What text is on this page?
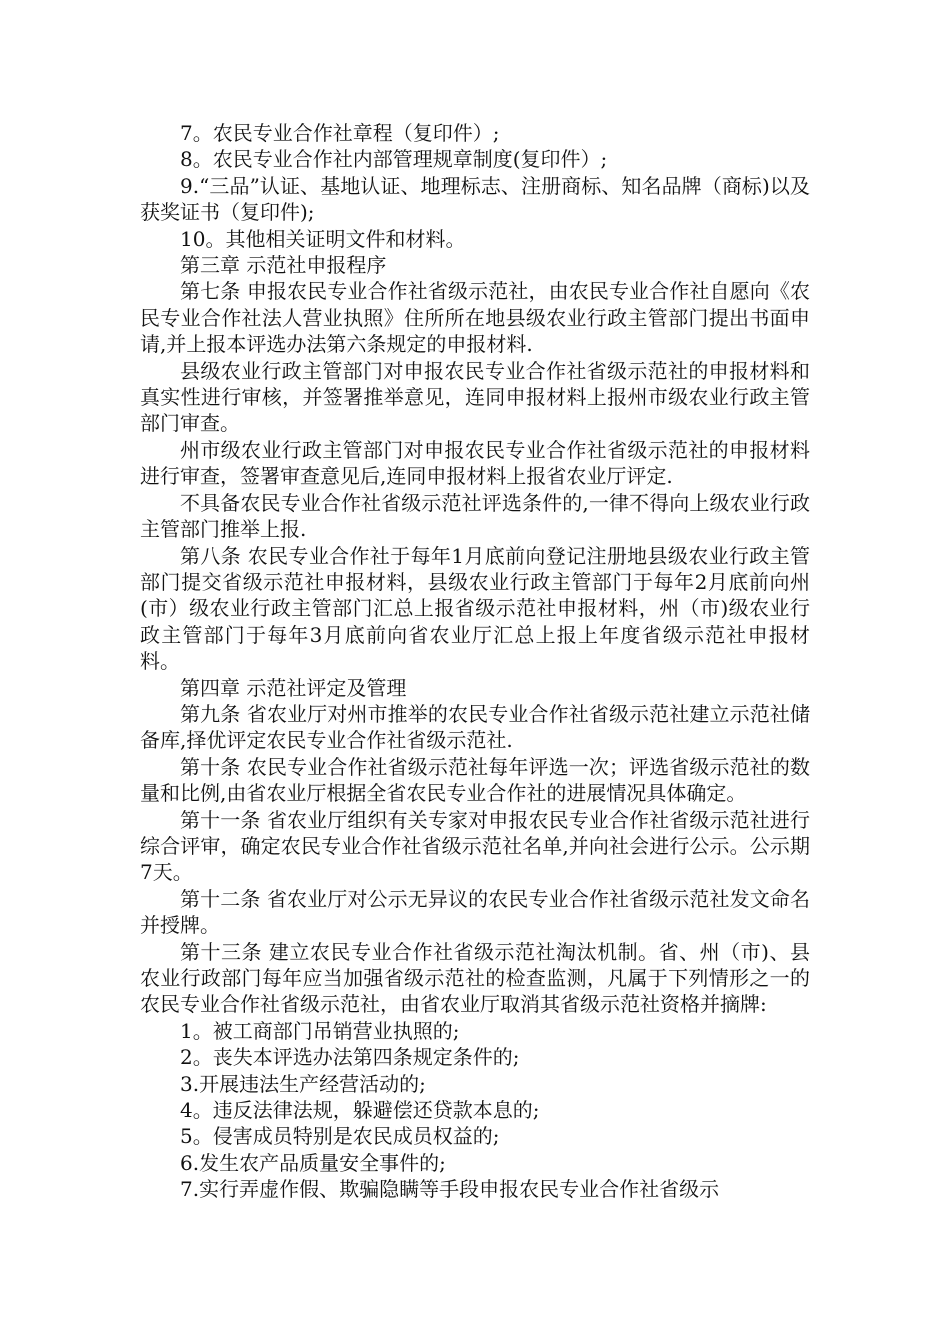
7。农民专业合作社章程（复印件）;

8。农民专业合作社内部管理规章制度(复印件）;

9.“三品”认证、基地认证、地理标志、注册商标、知名品牌（商标)以及获奖证书（复印件);

10。其他相关证明文件和材料。

第三章 示范社申报程序

第七条 申报农民专业合作社省级示范社，由农民专业合作社自愿向《农民专业合作社法人营业执照》住所所在地县级农业行政主管部门提出书面申请,并上报本评选办法第六条规定的申报材料.

县级农业行政主管部门对申报农民专业合作社省级示范社的申报材料和真实性进行审核，并签署推举意见，连同申报材料上报州市级农业行政主管部门审查。

州市级农业行政主管部门对申报农民专业合作社省级示范社的申报材料进行审查，签署审查意见后,连同申报材料上报省农业厅评定.

不具备农民专业合作社省级示范社评选条件的,一律不得向上级农业行政主管部门推举上报.

第八条 农民专业合作社于每年1月底前向登记注册地县级农业行政主管部门提交省级示范社申报材料，县级农业行政主管部门于每年2月底前向州(市）级农业行政主管部门汇总上报省级示范社申报材料，州（市)级农业行政主管部门于每年3月底前向省农业厅汇总上报上年度省级示范社申报材料。

第四章 示范社评定及管理

第九条 省农业厅对州市推举的农民专业合作社省级示范社建立示范社储备库,择优评定农民专业合作社省级示范社.

第十条 农民专业合作社省级示范社每年评选一次；评选省级示范社的数量和比例,由省农业厅根据全省农民专业合作社的进展情况具体确定。

第十一条 省农业厅组织有关专家对申报农民专业合作社省级示范社进行综合评审，确定农民专业合作社省级示范社名单,并向社会进行公示。公示期7天。

第十二条 省农业厅对公示无异议的农民专业合作社省级示范社发文命名并授牌。

第十三条 建立农民专业合作社省级示范社淘汰机制。省、州（市)、县农业行政部门每年应当加强省级示范社的检查监测，凡属于下列情形之一的农民专业合作社省级示范社，由省农业厅取消其省级示范社资格并摘牌:

1。被工商部门吊销营业执照的;

2。丧失本评选办法第四条规定条件的;

3.开展违法生产经营活动的;

4。违反法律法规，躲避偿还贷款本息的;

5。侵害成员特别是农民成员权益的;

6.发生农产品质量安全事件的;

7.实行弄虚作假、欺骗隐瞒等手段申报农民专业合作社省级示
